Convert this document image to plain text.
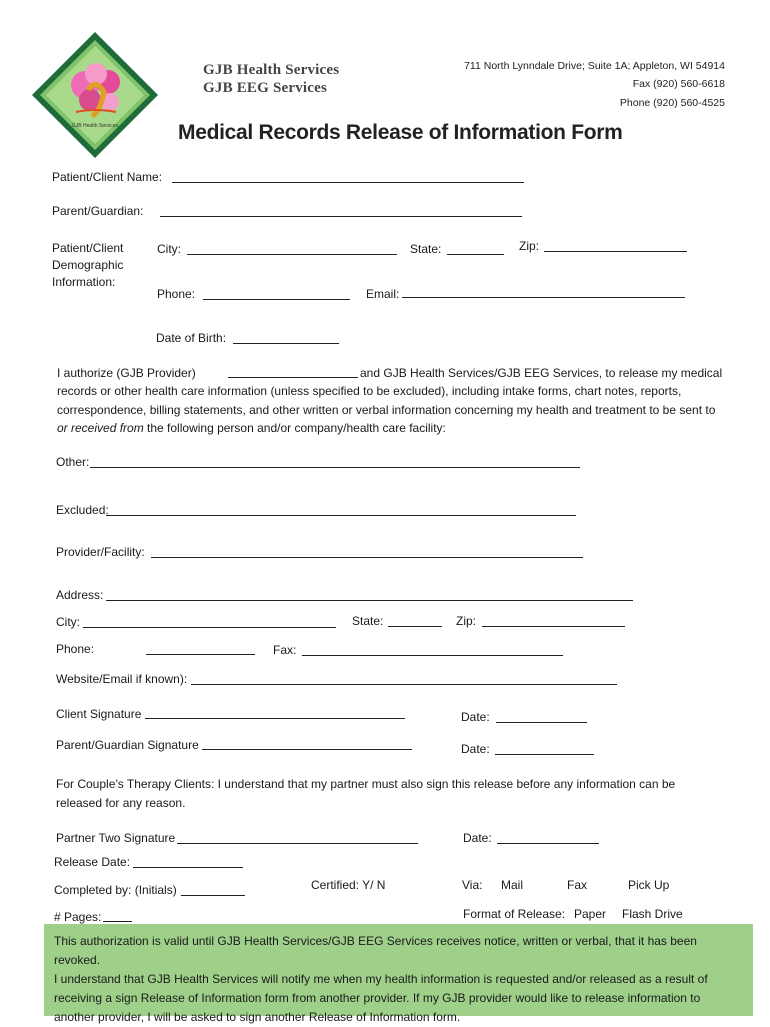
GJB Health Services
GJB Health Services
GJB EEG Services
711 North Lynndale Drive; Suite 1A; Appleton, WI 54914
Fax (920) 560-6618
Phone (920) 560-4525
Medical Records Release of Information Form
Patient/Client Name:
Parent/Guardian:
Patient/Client
Demographic
Information:
City:	State:	Zip:
Phone:	Email:
Date of Birth:
I authorize (GJB Provider)	and GJB Health Services/GJB EEG Services, to release my medical
records or other health care information (unless specified to be excluded), including intake forms, chart notes, reports,
correspondence, billing statements, and other written or verbal information concerning my health and treatment to be sent to
or received from the following person and/or company/health care facility:
Other:
Excluded:
Provider/Facility:
Address:
City:	State:	Zip:
Phone:	Fax:
Website/Email if known):
Client Signature	Date:
Parent/Guardian Signature	Date:
For Couple’s Therapy Clients: I understand that my partner must also sign this release before any information can be
released for any reason.
Partner Two Signature	Date:
Release Date:
Completed by: (Initials)	Certified: Y/ N	Via: Mail	Fax	Pick Up
# Pages:	Format of Release: Paper Flash Drive

This authorization is valid until GJB Health Services/GJB EEG Services receives notice, written or verbal, that it has been revoked.
I understand that GJB Health Services will notify me when my health information is requested and/or released as a result of
receiving a sign Release of Information form from another provider. If my GJB provider would like to release information to
another provider, I will be asked to sign another Release of Information form.
